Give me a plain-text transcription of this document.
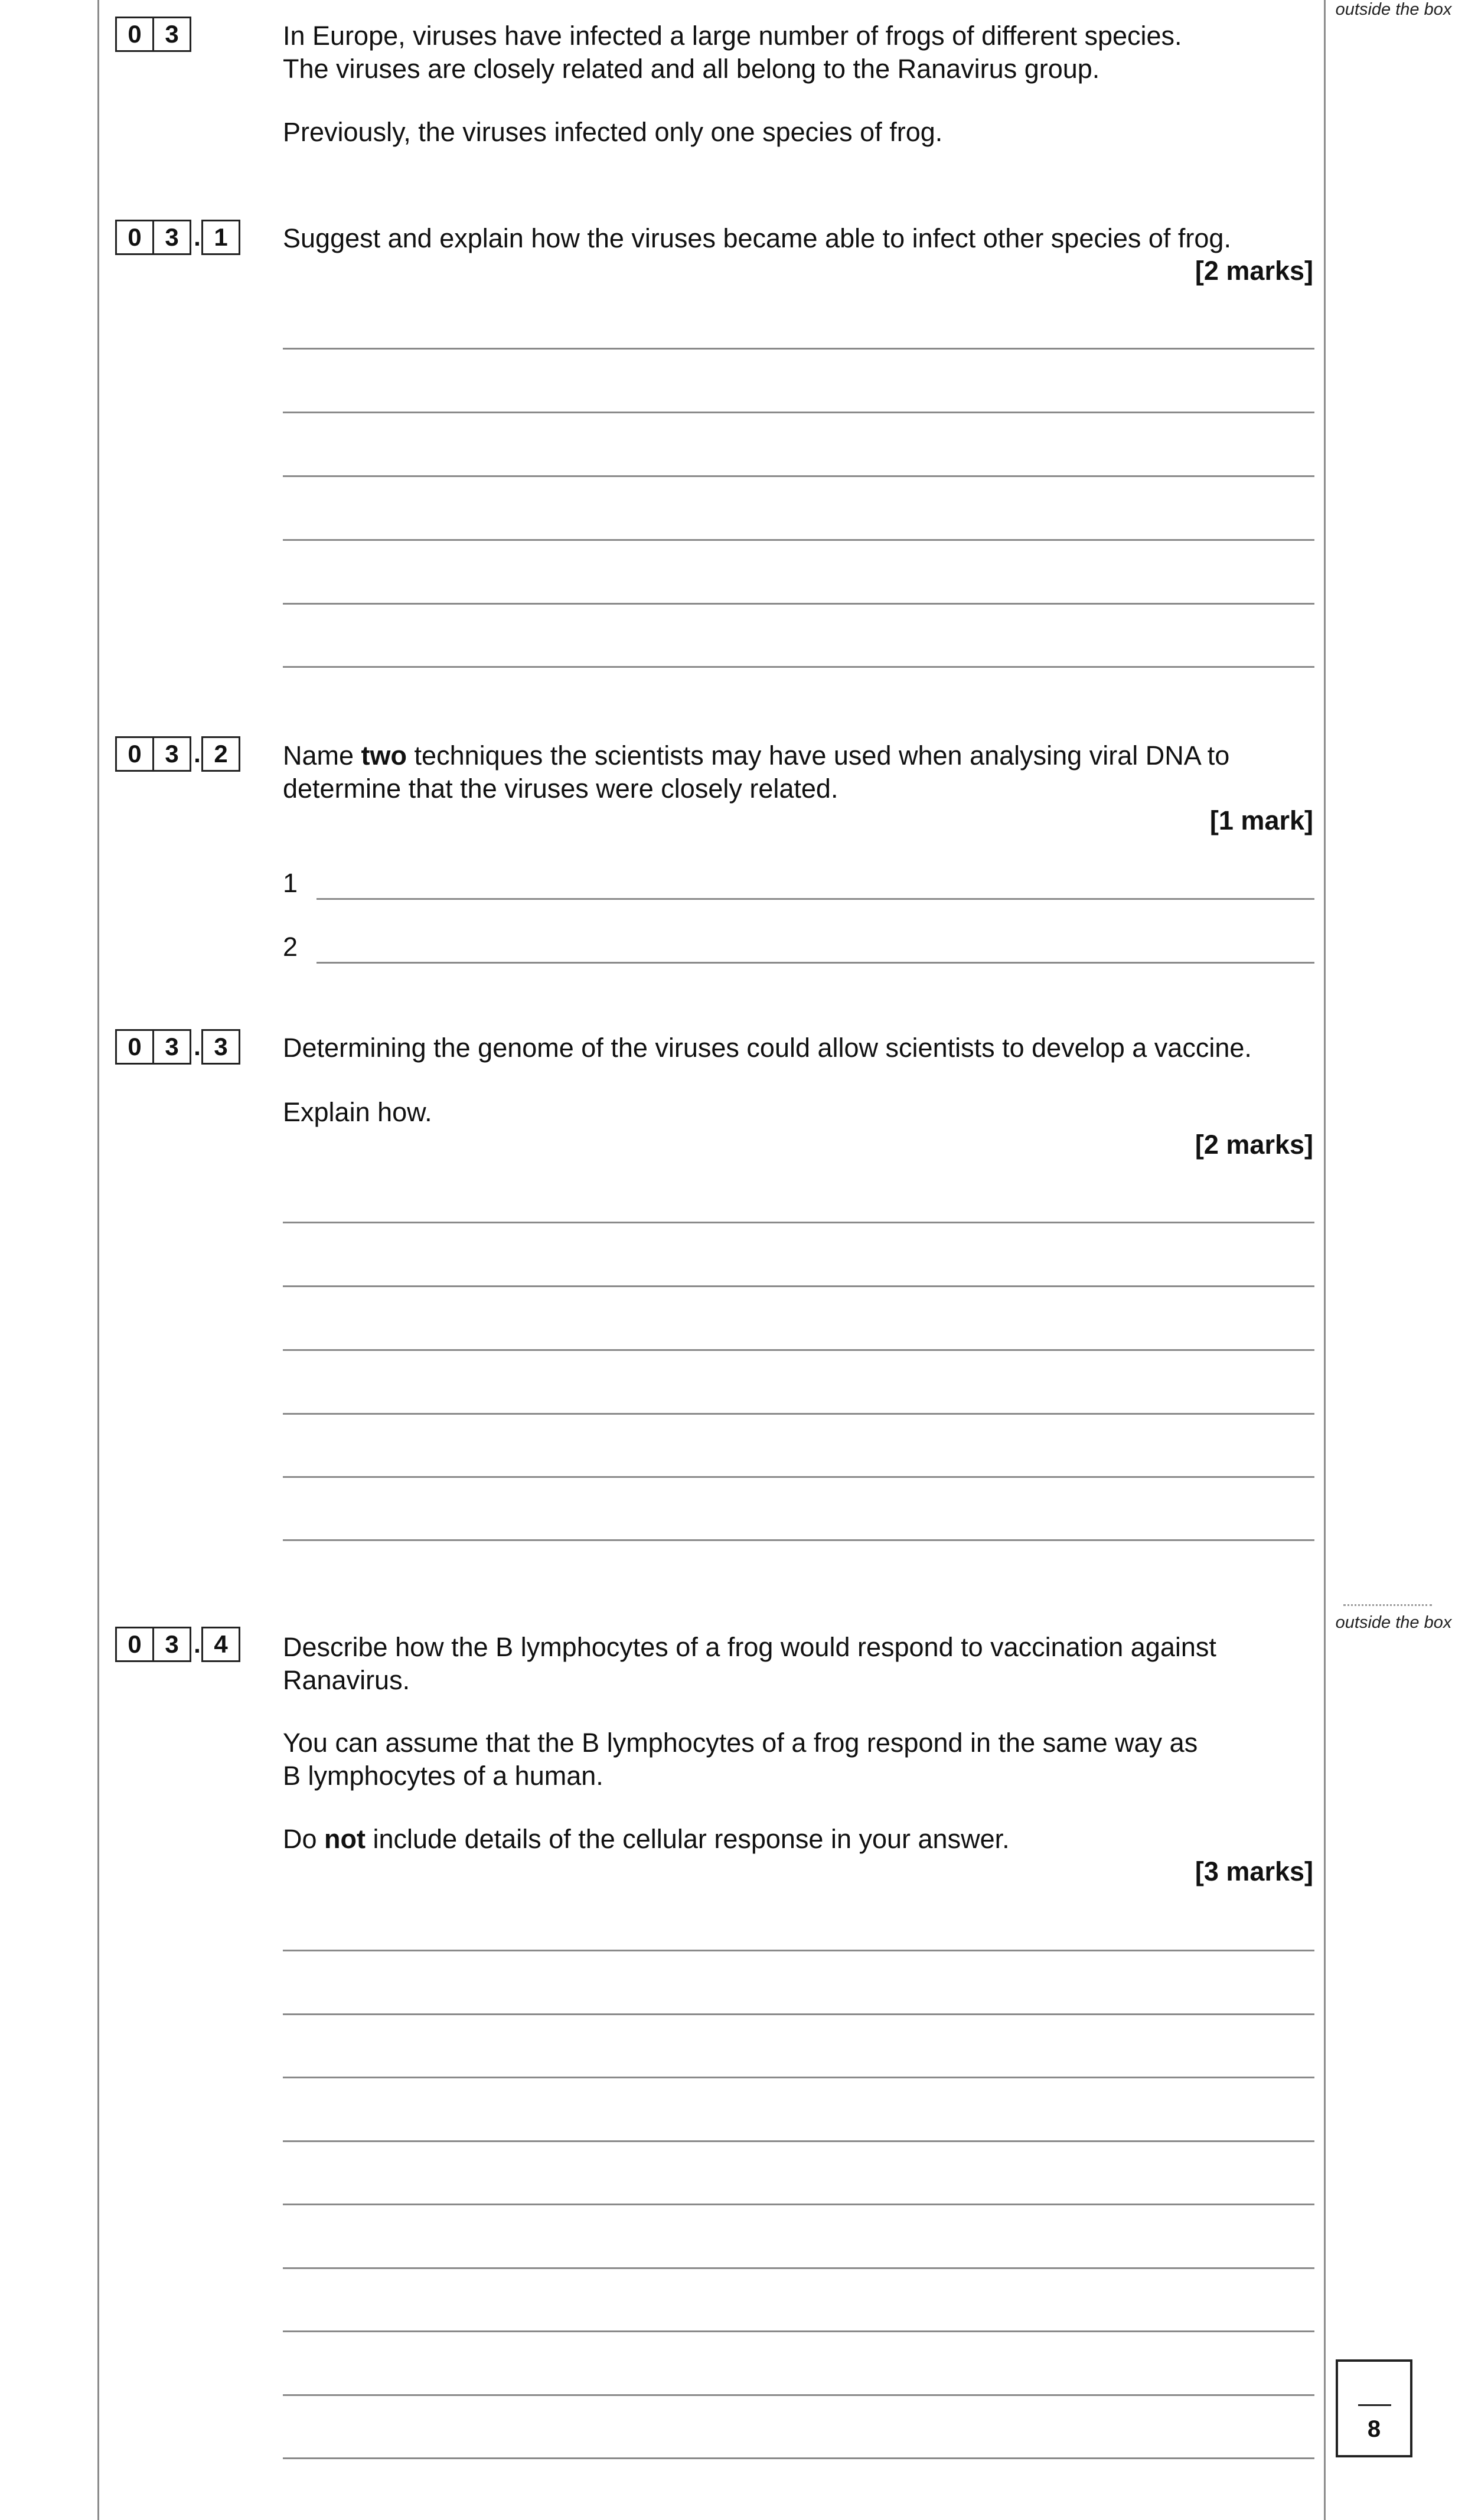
outside the box
outside the box
0 3	In Europe, viruses have infected a large number of frogs of different species.
The viruses are closely related and all belong to the Ranavirus group.
Previously, the viruses infected only one species of frog.
0 3 . 1	Suggest and explain how the viruses became able to infect other species of frog.
[2 marks]
0 3 . 2	Name two techniques the scientists may have used when analysing viral DNA to
determine that the viruses were closely related.
[1 mark]
1
2
0 3 . 3	Determining the genome of the viruses could allow scientists to develop a vaccine.
Explain how.
[2 marks]
0 3 . 4	Describe how the B lymphocytes of a frog would respond to vaccination against
Ranavirus.
You can assume that the B lymphocytes of a frog respond in the same way as
B lymphocytes of a human.
Do not include details of the cellular response in your answer.
[3 marks]
8
